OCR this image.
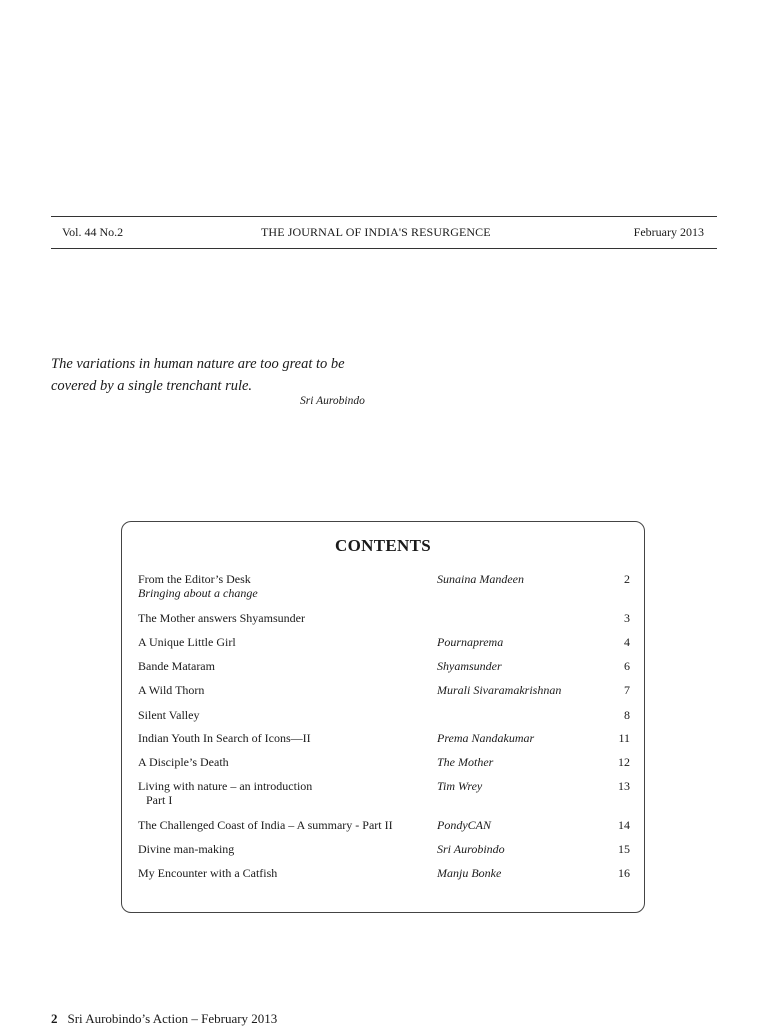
Vol. 44 No.2	THE JOURNAL OF INDIA'S RESURGENCE	February 2013
The variations in human nature are too great to be covered by a single trenchant rule.
Sri Aurobindo
CONTENTS
From the Editor’s Desk
Bringing about a change
Sunaina Mandeen	2
The Mother answers Shyamsunder	3
A Unique Little Girl	Pournaprema	4
Bande Mataram	Shyamsunder	6
A Wild Thorn	Murali Sivaramakrishnan	7
Silent Valley	8
Indian Youth In Search of Icons—II	Prema Nandakumar	11
A Disciple’s Death	The Mother	12
Living with nature – an introduction
Part I
Tim Wrey	13
The Challenged Coast of India – A summary - Part II	PondyCAN	14
Divine man-making	Sri Aurobindo	15
My Encounter with a Catfish	Manju Bonke	16
2 Sri Aurobindo’s Action – February 2013
